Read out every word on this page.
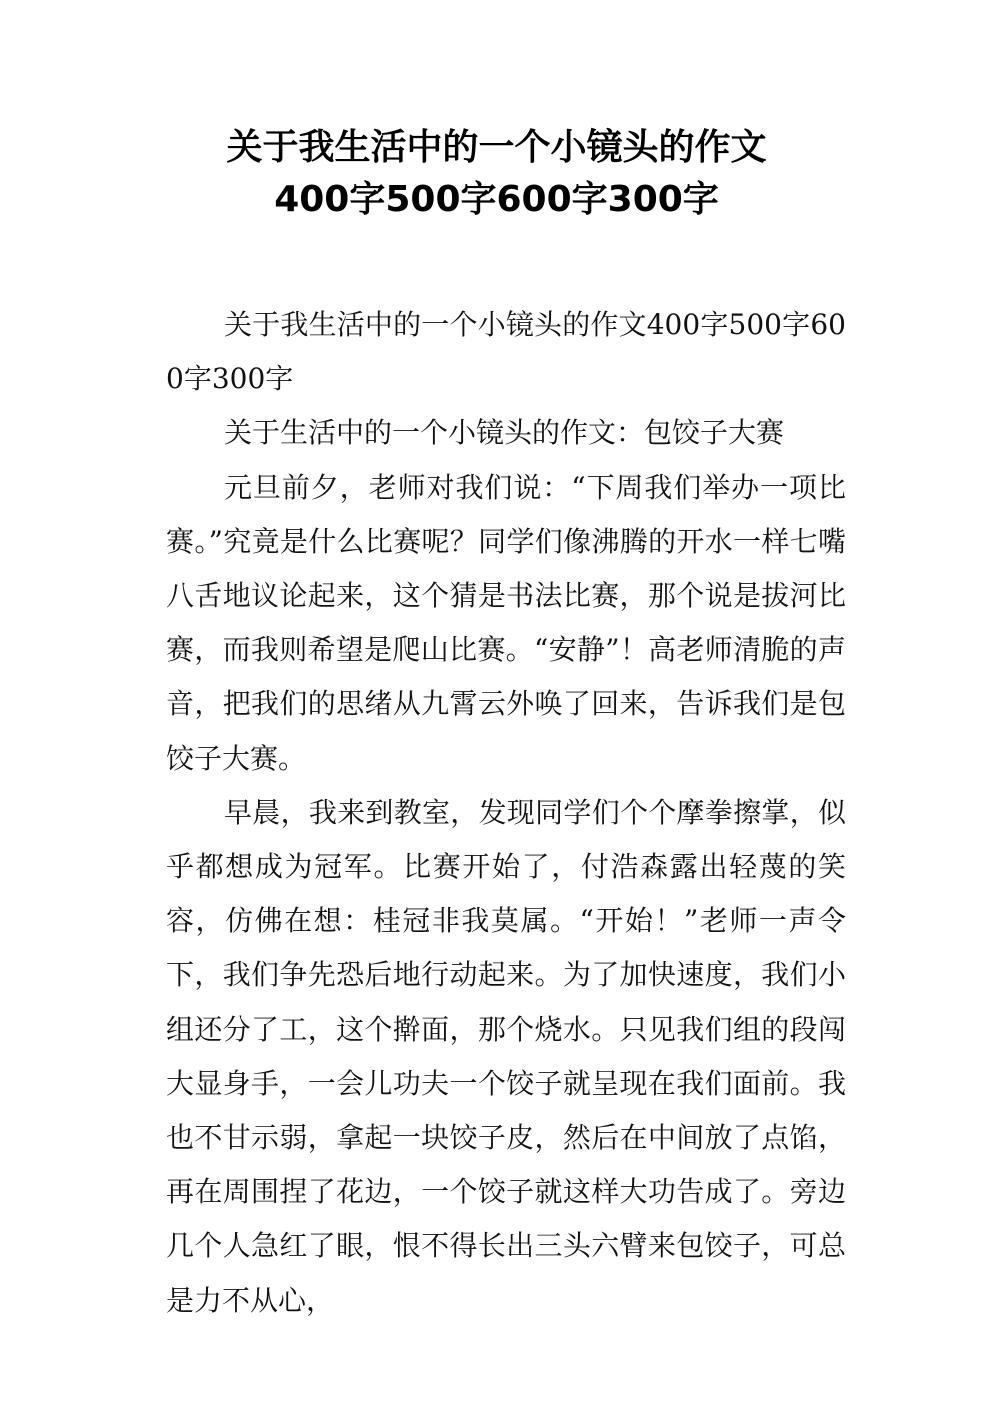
关于我生活中的一个小镜头的作文
400字500字600字300字

关于我生活中的一个小镜头的作文400字500字600字300字

关于生活中的一个小镜头的作文：包饺子大赛

元旦前夕，老师对我们说：“下周我们举办一项比赛。”究竟是什么比赛呢？同学们像沸腾的开水一样七嘴八舌地议论起来，这个猜是书法比赛，那个说是拔河比赛，而我则希望是爬山比赛。“安静”！高老师清脆的声音，把我们的思绪从九霄云外唤了回来，告诉我们是包饺子大赛。

早晨，我来到教室，发现同学们个个摩拳擦掌，似乎都想成为冠军。比赛开始了，付浩森露出轻蔑的笑容，仿佛在想：桂冠非我莫属。“开始！”老师一声令下，我们争先恐后地行动起来。为了加快速度，我们小组还分了工，这个擀面，那个烧水。只见我们组的段闯大显身手，一会儿功夫一个饺子就呈现在我们面前。我也不甘示弱，拿起一块饺子皮，然后在中间放了点馅，再在周围捏了花边，一个饺子就这样大功告成了。旁边几个人急红了眼，恨不得长出三头六臂来包饺子，可总是力不从心，
